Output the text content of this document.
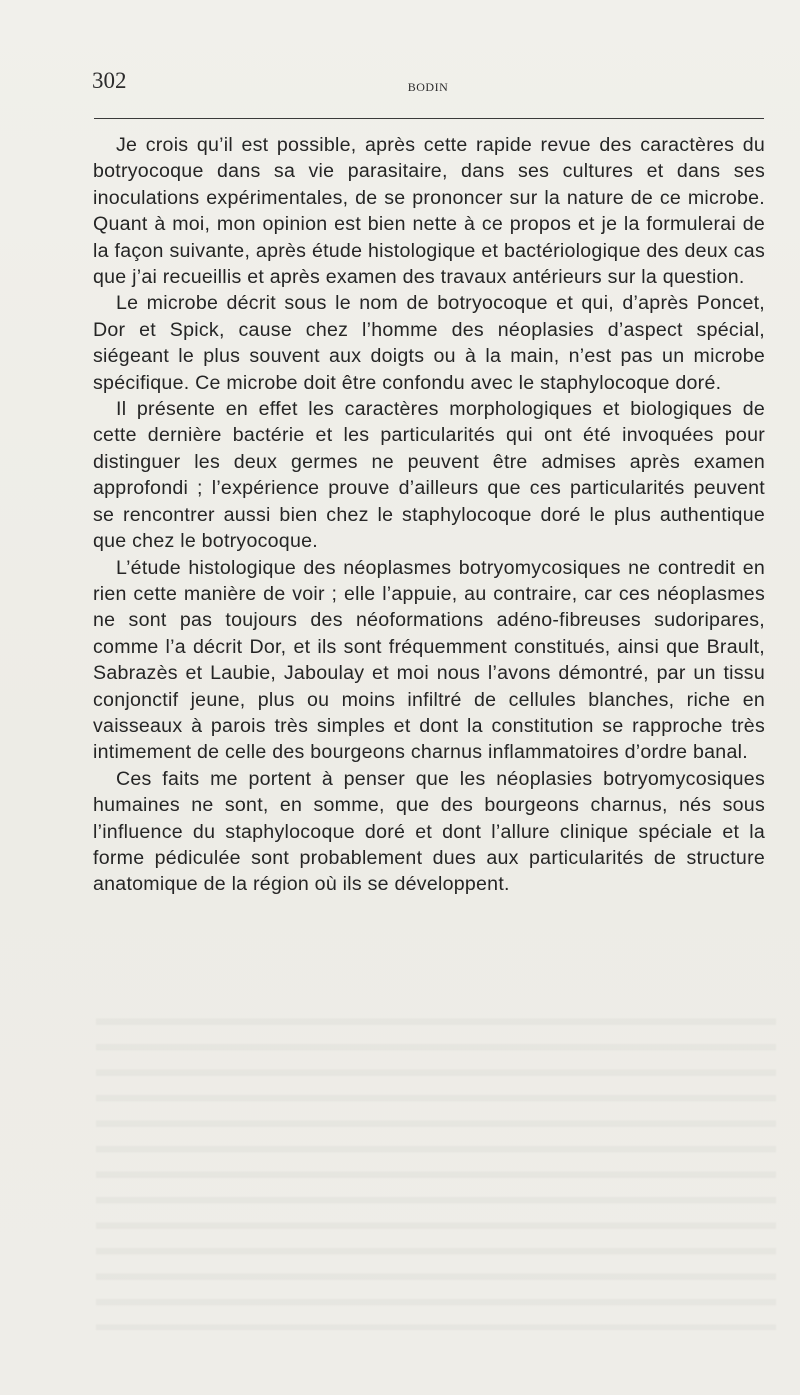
302	BODIN

Je crois qu’il est possible, après cette rapide revue des caractères du botryocoque dans sa vie parasitaire, dans ses cultures et dans ses inoculations expérimentales, de se prononcer sur la nature de ce microbe. Quant à moi, mon opinion est bien nette à ce propos et je la formulerai de la façon suivante, après étude histologique et bactériologique des deux cas que j’ai recueillis et après examen des travaux antérieurs sur la question.

Le microbe décrit sous le nom de botryocoque et qui, d’après Poncet, Dor et Spick, cause chez l’homme des néoplasies d’aspect spécial, siégeant le plus souvent aux doigts ou à la main, n’est pas un microbe spécifique. Ce microbe doit être confondu avec le staphylocoque doré.

Il présente en effet les caractères morphologiques et biologiques de cette dernière bactérie et les particularités qui ont été invoquées pour distinguer les deux germes ne peuvent être admises après examen approfondi ; l’expérience prouve d’ailleurs que ces particularités peuvent se rencontrer aussi bien chez le staphylocoque doré le plus authentique que chez le botryocoque.

L’étude histologique des néoplasmes botryomycosiques ne contredit en rien cette manière de voir ; elle l’appuie, au contraire, car ces néoplasmes ne sont pas toujours des néoformations adéno-fibreuses sudoripares, comme l’a décrit Dor, et ils sont fréquemment constitués, ainsi que Brault, Sabrazès et Laubie, Jaboulay et moi nous l’avons démontré, par un tissu conjonctif jeune, plus ou moins infiltré de cellules blanches, riche en vaisseaux à parois très simples et dont la constitution se rapproche très intimement de celle des bourgeons charnus inflammatoires d’ordre banal.

Ces faits me portent à penser que les néoplasies botryomycosiques humaines ne sont, en somme, que des bourgeons charnus, nés sous l’influence du staphylocoque doré et dont l’allure clinique spéciale et la forme pédiculée sont probablement dues aux particularités de structure anatomique de la région où ils se développent.
